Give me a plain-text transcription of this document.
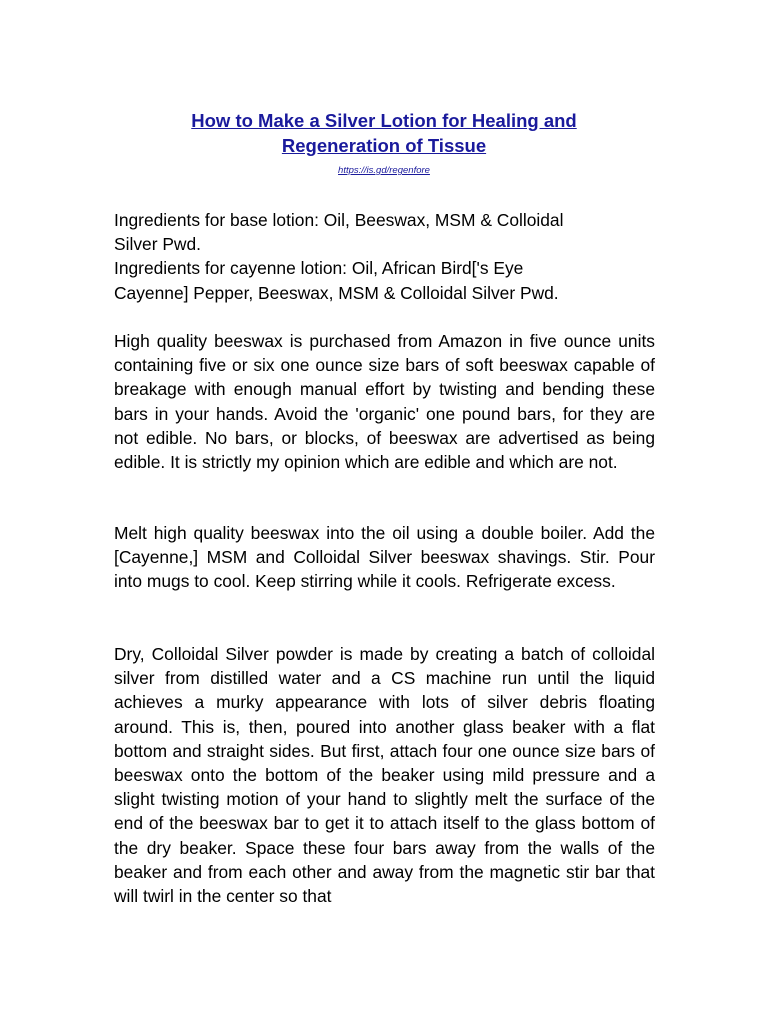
How to Make a Silver Lotion for Healing and
Regeneration of Tissue
https://is.gd/regenfore

Ingredients for base lotion: Oil, Beeswax, MSM & Colloidal
Silver Pwd.
Ingredients for cayenne lotion: Oil, African Bird['s Eye
Cayenne] Pepper, Beeswax, MSM & Colloidal Silver Pwd.

High quality beeswax is purchased from Amazon in five ounce units containing five or six one ounce size bars of soft beeswax capable of breakage with enough manual effort by twisting and bending these bars in your hands. Avoid the 'organic' one pound bars, for they are not edible. No bars, or blocks, of beeswax are advertised as being edible. It is strictly my opinion which are edible and which are not.

Melt high quality beeswax into the oil using a double boiler. Add the [Cayenne,] MSM and Colloidal Silver beeswax shavings. Stir. Pour into mugs to cool. Keep stirring while it cools. Refrigerate excess.

Dry, Colloidal Silver powder is made by creating a batch of colloidal silver from distilled water and a CS machine run until the liquid achieves a murky appearance with lots of silver debris floating around. This is, then, poured into another glass beaker with a flat bottom and straight sides. But first, attach four one ounce size bars of beeswax onto the bottom of the beaker using mild pressure and a slight twisting motion of your hand to slightly melt the surface of the end of the beeswax bar to get it to attach itself to the glass bottom of the dry beaker. Space these four bars away from the walls of the beaker and from each other and away from the magnetic stir bar that will twirl in the center so that
